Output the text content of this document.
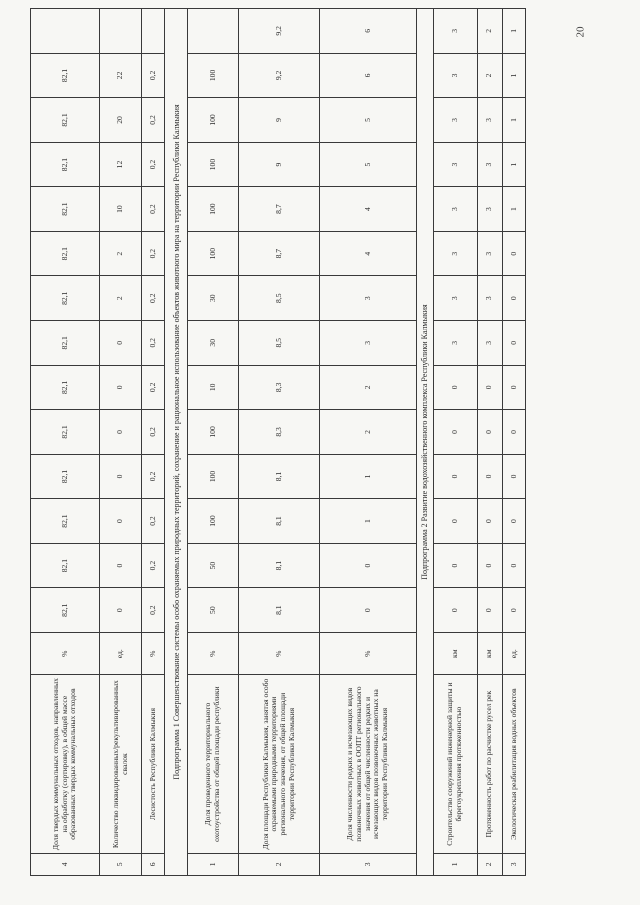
4	Доля твердых коммунальных отходов, направленных на обработку (сортировку), в общей массе образованных твердых коммунальных отходов	%	82,1	82,1	82,1	82,1	82,1	82,1	82,1	82,1	82,1	82,1	82,1	82,1	82,1	
5	Количество ликвидированных/рекультивированных свалок	ед.	0	0	0	0	0	0	0	2	2	10	12	20	22	
6	Лесистость Республики Калмыкия	%	0,2	0,2	0,2	0,2	0,2	0,2	0,2	0,2	0,2	0,2	0,2	0,2	0,2	
Подпрограмма 1 Совершенствование системы особо охраняемых природных территорий, сохранение и рациональное использование объектов животного мира на территории Республики Калмыкия																
1	Доля проведенного территориального охотоустройства от общей площади республики	%	50	50	100	100	100	10	30	30	100	100	100	100	100	
2	Доля площади Республики Калмыкия, занятая особо охраняемыми природными территориями регионального значения, от общей площади территории Республики Калмыкия	%	8,1	8,1	8,1	8,1	8,3	8,3	8,5	8,5	8,7	8,7	9	9	9,2	9,2
3	Доля численности редких и исчезающих видов позвоночных животных в ООПТ регионального значения от общей численности редких и исчезающих видов позвоночных животных на территории Республики Калмыкия	%	0	0	1	1	2	2	3	3	4	4	5	5	6	6
Подпрограмма 2 Развитие водохозяйственного комплекса Республики Калмыкия																
1	Строительство сооружений инженерной защиты и берегоукрепления протяженностью	км	0	0	0	0	0	0	3	3	3	3	3	3	3	3
2	Протяженность работ по расчистке русел рек	км	0	0	0	0	0	0	3	3	3	3	3	3	2	2
3	Экологическая реабилитация водных объектов	ед.	0	0	0	0	0	0	0	0	0	1	1	1	1	1	20
